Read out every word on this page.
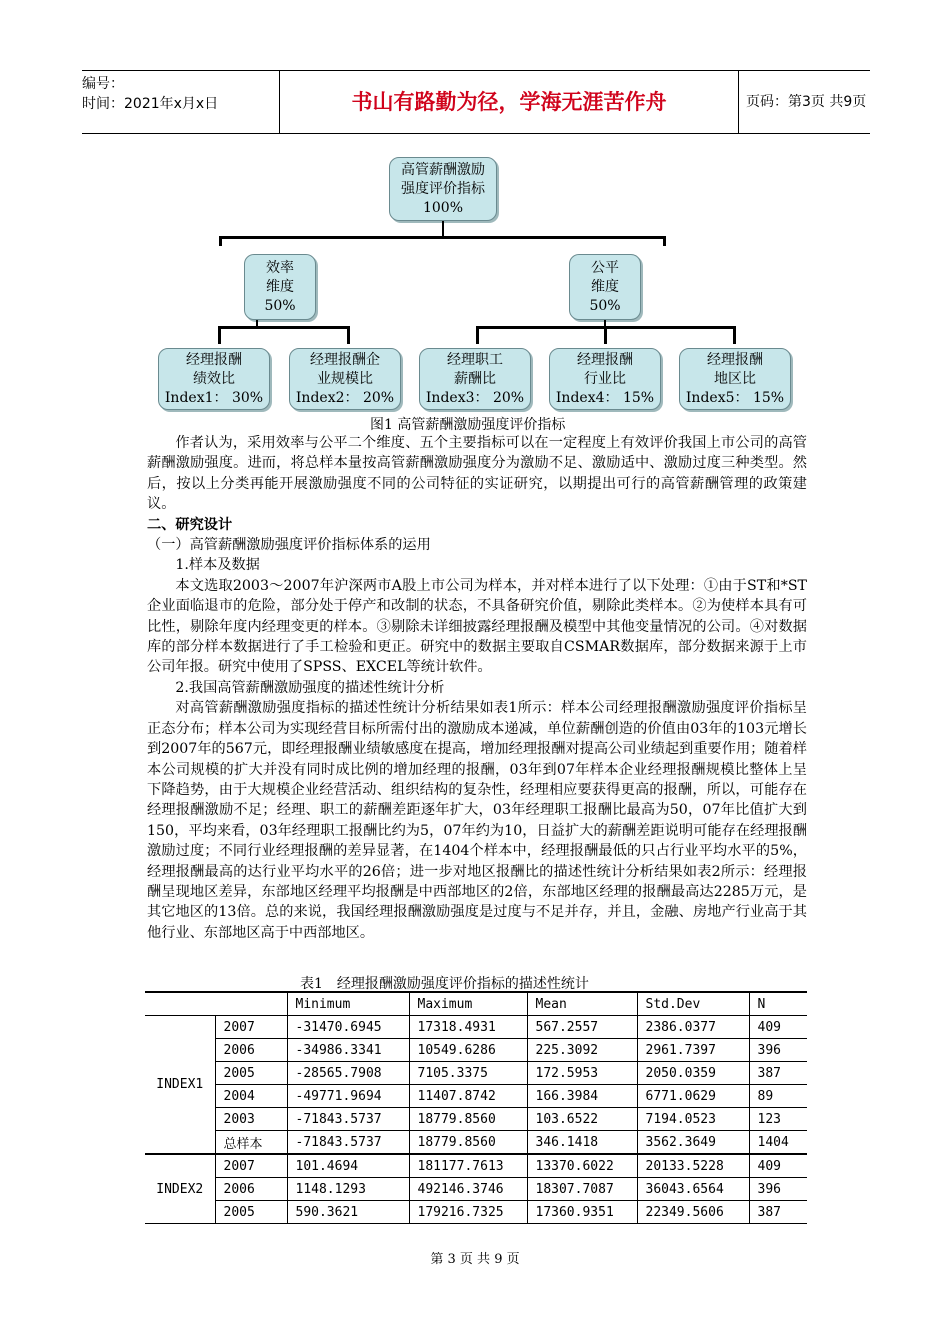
编号：
时间：2021年x月x日	书山有路勤为径，学海无涯苦作舟	页码：第3页 共9页
高管薪酬激励
强度评价指标100%
效率
维度
50%
公平
维度
50%
经理报酬
绩效比
Index1： 30%
经理报酬企
业规模比
Index2： 20%
经理职工
薪酬比
Index3： 20%
经理报酬
行业比
Index4： 15%
经理报酬
地区比
Index5： 15%
图1 高管薪酬激励强度评价指标

作者认为，采用效率与公平二个维度、五个主要指标可以在一定程度上有效评价我国上市公司的高管薪酬激励强度。进而，将总样本量按高管薪酬激励强度分为激励不足、激励适中、激励过度三种类型。然后，按以上分类再能开展激励强度不同的公司特征的实证研究，以期提出可行的高管薪酬管理的政策建议。

二、研究设计

（一）高管薪酬激励强度评价指标体系的运用

1.样本及数据

本文选取2003～2007年沪深两市A股上市公司为样本，并对样本进行了以下处理：①由于ST和*ST企业面临退市的危险，部分处于停产和改制的状态，不具备研究价值，剔除此类样本。②为使样本具有可比性，剔除年度内经理变更的样本。③剔除未详细披露经理报酬及模型中其他变量情况的公司。④对数据库的部分样本数据进行了手工检验和更正。研究中的数据主要取自CSMAR数据库，部分数据来源于上市公司年报。研究中使用了SPSS、EXCEL等统计软件。

2.我国高管薪酬激励强度的描述性统计分析

对高管薪酬激励强度指标的描述性统计分析结果如表1所示：样本公司经理报酬激励强度评价指标呈正态分布；样本公司为实现经营目标所需付出的激励成本递减，单位薪酬创造的价值由03年的103元增长到2007年的567元，即经理报酬业绩敏感度在提高，增加经理报酬对提高公司业绩起到重要作用；随着样本公司规模的扩大并没有同时成比例的增加经理的报酬，03年到07年样本企业经理报酬规模比整体上呈下降趋势，由于大规模企业经营活动、组织结构的复杂性，经理相应要获得更高的报酬，所以，可能存在经理报酬激励不足；经理、职工的薪酬差距逐年扩大，03年经理职工报酬比最高为50，07年比值扩大到150，平均来看，03年经理职工报酬比约为5，07年约为10，日益扩大的薪酬差距说明可能存在经理报酬激励过度；不同行业经理报酬的差异显著，在1404个样本中，经理报酬最低的只占行业平均水平的5%，经理报酬最高的达行业平均水平的26倍；进一步对地区报酬比的描述性统计分析结果如表2所示：经理报酬呈现地区差异，东部地区经理平均报酬是中西部地区的2倍，东部地区经理的报酬最高达2285万元，是其它地区的13倍。总的来说，我国经理报酬激励强度是过度与不足并存，并且，金融、房地产行业高于其他行业、东部地区高于中西部地区。

表1　经理报酬激励强度评价指标的描述性统计
		Minimum	Maximum	Mean	Std.Dev	N
INDEX1	2007	-31470.6945	17318.4931	567.2557	2386.0377	409
	2006	-34986.3341	10549.6286	225.3092	2961.7397	396
	2005	-28565.7908	7105.3375	172.5953	2050.0359	387
	2004	-49771.9694	11407.8742	166.3984	6771.0629	89
	2003	-71843.5737	18779.8560	103.6522	7194.0523	123
	总样本	-71843.5737	18779.8560	346.1418	3562.3649	1404
INDEX2	2007	101.4694	181177.7613	13370.6022	20133.5228	409
	2006	1148.1293	492146.3746	18307.7087	36043.6564	396
	2005	590.3621	179216.7325	17360.9351	22349.5606	387
第 3 页 共 9 页
